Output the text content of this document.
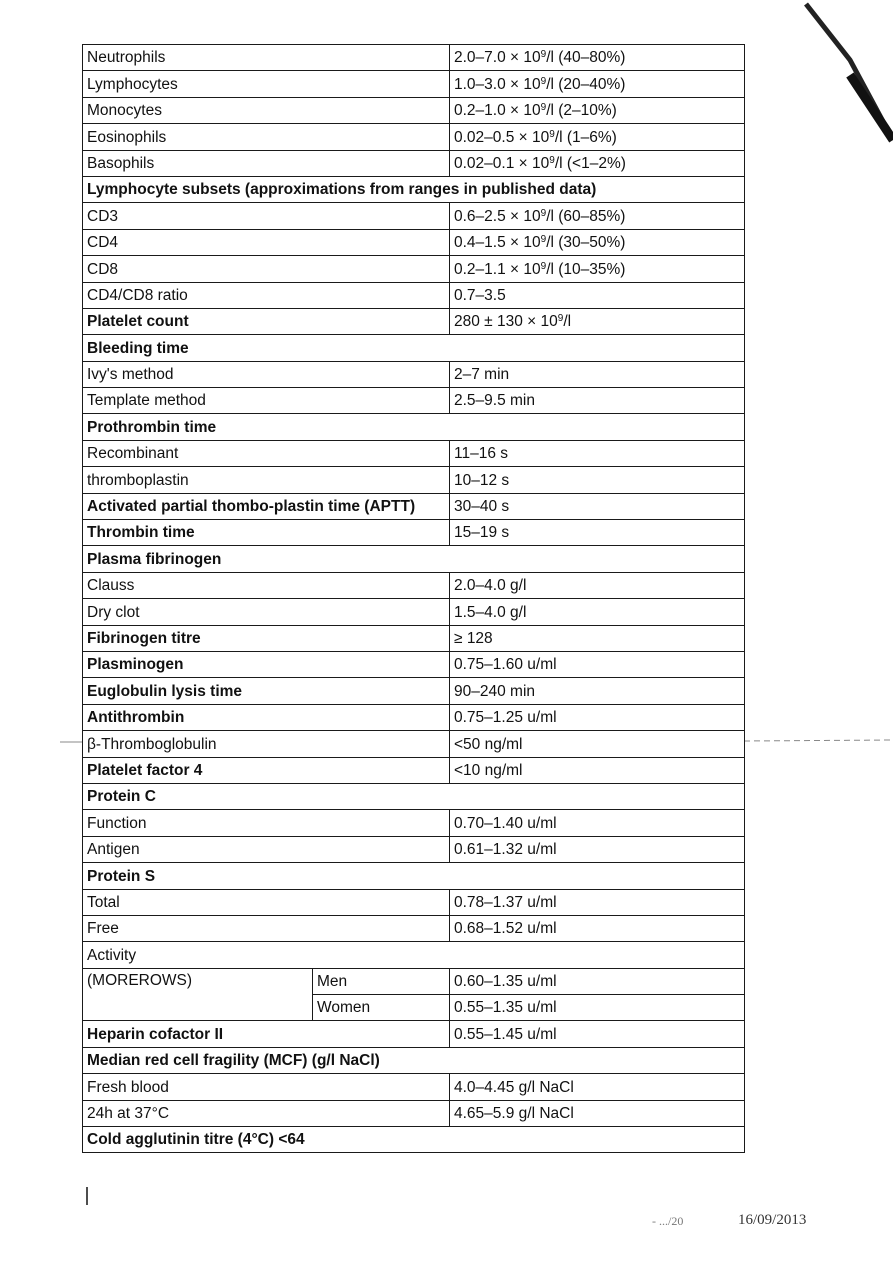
Neutrophils		$2.0-7.0 \times 10^9/l$ (40–80%)
Lymphocytes		$1.0-3.0 \times 10^9/l$ (20–40%)
Monocytes		$0.2-1.0 \times 10^9/l$ (2–10%)
Eosinophils		$0.02-0.5 \times 10^9/l$ (1–6%)
Basophils		$0.02-0.1 \times 10^9/l$ (<1–2%)
Lymphocyte subsets (approximations from ranges in published data)		
CD3		$0.6-2.5 \times 10^9/l$ (60–85%)
CD4		$0.4-1.5 \times 10^9/l$ (30–50%)
CD8		$0.2-1.1 \times 10^9/l$ (10–35%)
CD4/CD8 ratio		0.7–3.5
Platelet count		$280 \pm 130 \times 10^9/l$
Bleeding time		
Ivy's method		2–7 min
Template method		2.5–9.5 min
Prothrombin time		
Recombinant		11–16 s
thromboplastin		10–12 s
Activated partial thombo-plastin time (APTT)		30–40 s
Thrombin time		15–19 s
Plasma fibrinogen		
Clauss		2.0–4.0 g/l
Dry clot		1.5–4.0 g/l
Fibrinogen titre		≥ 128
Plasminogen		0.75–1.60 u/ml
Euglobulin lysis time		90–240 min
Antithrombin		0.75–1.25 u/ml
β-Thromboglobulin		<50 ng/ml
Platelet factor 4		<10 ng/ml
Protein C		
Function		0.70–1.40 u/ml
Antigen		0.61–1.32 u/ml
Protein S		
Total		0.78–1.37 u/ml
Free		0.68–1.52 u/ml
Activity		
(MOREROWS)	Men	0.60–1.35 u/ml
	Women	0.55–1.35 u/ml
Heparin cofactor II		0.55–1.45 u/ml
Median red cell fragility (MCF) (g/l NaCl)		
Fresh blood		4.0–4.45 g/l NaCl
24h at 37°C		4.65–5.9 g/l NaCl
Cold agglutinin titre (4°C) <64		
- .../20	16/09/2013
